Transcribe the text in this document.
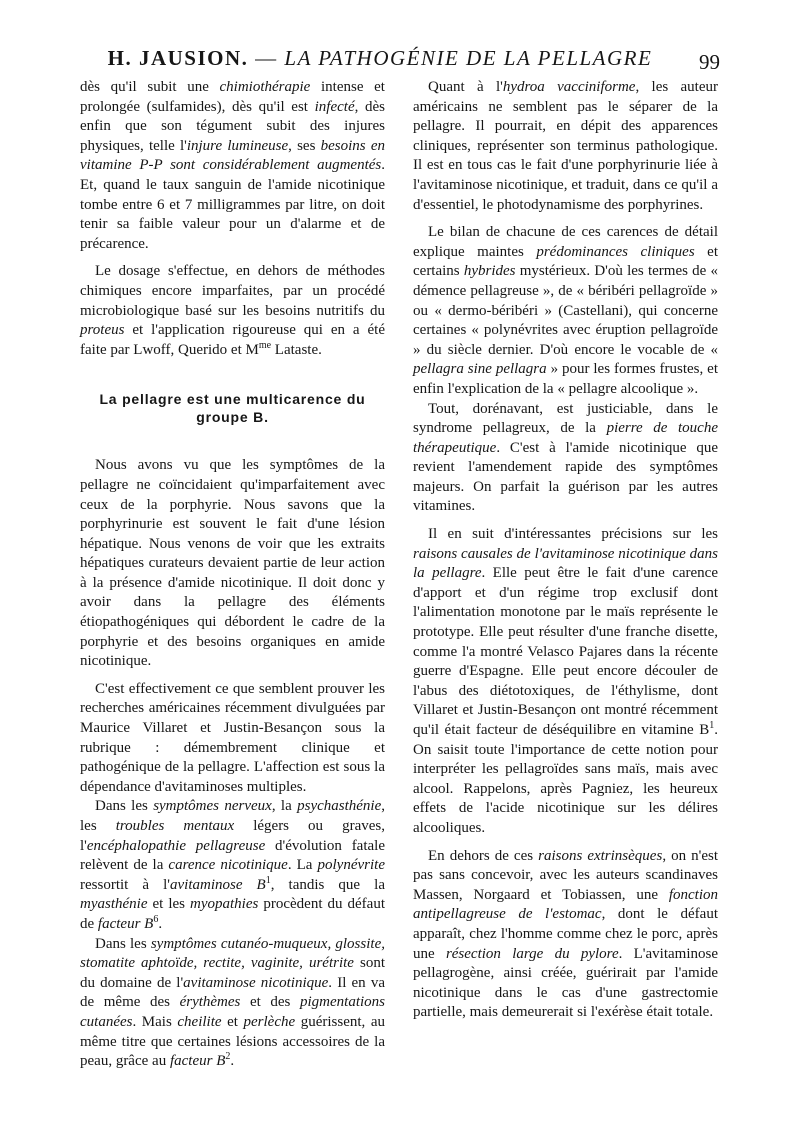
H. JAUSION. — LA PATHOGÉNIE DE LA PELLAGRE	99

dès qu'il subit une chimiothérapie intense et prolongée (sulfamides), dès qu'il est infecté, dès enfin que son tégument subit des injures physiques, telle l'injure lumineuse, ses besoins en vitamine P-P sont considérablement augmentés. Et, quand le taux sanguin de l'amide nicotinique tombe entre 6 et 7 milligrammes par litre, on doit tenir sa faible valeur pour un d'alarme et de précarence.

Le dosage s'effectue, en dehors de méthodes chimiques encore imparfaites, par un procédé microbiologique basé sur les besoins nutritifs du proteus et l'application rigoureuse qui en a été faite par Lwoff, Querido et $M^{me}$ Lataste.

La pellagre est une multicarence du groupe B.

Nous avons vu que les symptômes de la pellagre ne coïncidaient qu'imparfaitement avec ceux de la porphyrie. Nous savons que la porphyrinurie est souvent le fait d'une lésion hépatique. Nous venons de voir que les extraits hépatiques curateurs devaient partie de leur action à la présence d'amide nicotinique. Il doit donc y avoir dans la pellagre des éléments étiopathogéniques qui débordent le cadre de la porphyrie et des besoins organiques en amide nicotinique.

C'est effectivement ce que semblent prouver les recherches américaines récemment divulguées par Maurice Villaret et Justin-Besançon sous la rubrique : démembrement clinique et pathogénique de la pellagre. L'affection est sous la dépendance d'avitaminoses multiples.

Dans les symptômes nerveux, la psychasthénie, les troubles mentaux légers ou graves, l'encéphalopathie pellagreuse d'évolution fatale relèvent de la carence nicotinique. La polynévrite ressortit à l'avitaminose $B^1$, tandis que la myasthénie et les myopathies procèdent du défaut de facteur $B^6$.

Dans les symptômes cutanéo-muqueux, glossite, stomatite aphtoïde, rectite, vaginite, urétrite sont du domaine de l'avitaminose nicotinique. Il en va de même des érythèmes et des pigmentations cutanées. Mais cheilite et perlèche guérissent, au même titre que certaines lésions accessoires de la peau, grâce au facteur $B^2$.

Quant à l'hydroa vacciniforme, les auteur américains ne semblent pas le séparer de la pellagre. Il pourrait, en dépit des apparences cliniques, représenter son terminus pathologique. Il est en tous cas le fait d'une porphyrinurie liée à l'avitaminose nicotinique, et traduit, dans ce qu'il a d'essentiel, le photodynamisme des porphyrines.

Le bilan de chacune de ces carences de détail explique maintes prédominances cliniques et certains hybrides mystérieux. D'où les termes de « démence pellagreuse », de « béribéri pellagroïde » ou « dermo-béribéri » (Castellani), qui concerne certaines « polynévrites avec éruption pellagroïde » du siècle dernier. D'où encore le vocable de « pellagra sine pellagra » pour les formes frustes, et enfin l'explication de la « pellagre alcoolique ».

Tout, dorénavant, est justiciable, dans le syndrome pellagreux, de la pierre de touche thérapeutique. C'est à l'amide nicotinique que revient l'amendement rapide des symptômes majeurs. On parfait la guérison par les autres vitamines.

Il en suit d'intéressantes précisions sur les raisons causales de l'avitaminose nicotinique dans la pellagre. Elle peut être le fait d'une carence d'apport et d'un régime trop exclusif dont l'alimentation monotone par le maïs représente le prototype. Elle peut résulter d'une franche disette, comme l'a montré Velasco Pajares dans la récente guerre d'Espagne. Elle peut encore découler de l'abus des diétotoxiques, de l'éthylisme, dont Villaret et Justin-Besançon ont montré récemment qu'il était facteur de déséquilibre en vitamine $B^1$. On saisit toute l'importance de cette notion pour interpréter les pellagroïdes sans maïs, mais avec alcool. Rappelons, après Pagniez, les heureux effets de l'acide nicotinique sur les délires alcooliques.

En dehors de ces raisons extrinsèques, on n'est pas sans concevoir, avec les auteurs scandinaves Massen, Norgaard et Tobiassen, une fonction antipellagreuse de l'estomac, dont le défaut apparaît, chez l'homme comme chez le porc, après une résection large du pylore. L'avitaminose pellagrogène, ainsi créée, guérirait par l'amide nicotinique dans le cas d'une gastrectomie partielle, mais demeurerait si l'exérèse était totale.
